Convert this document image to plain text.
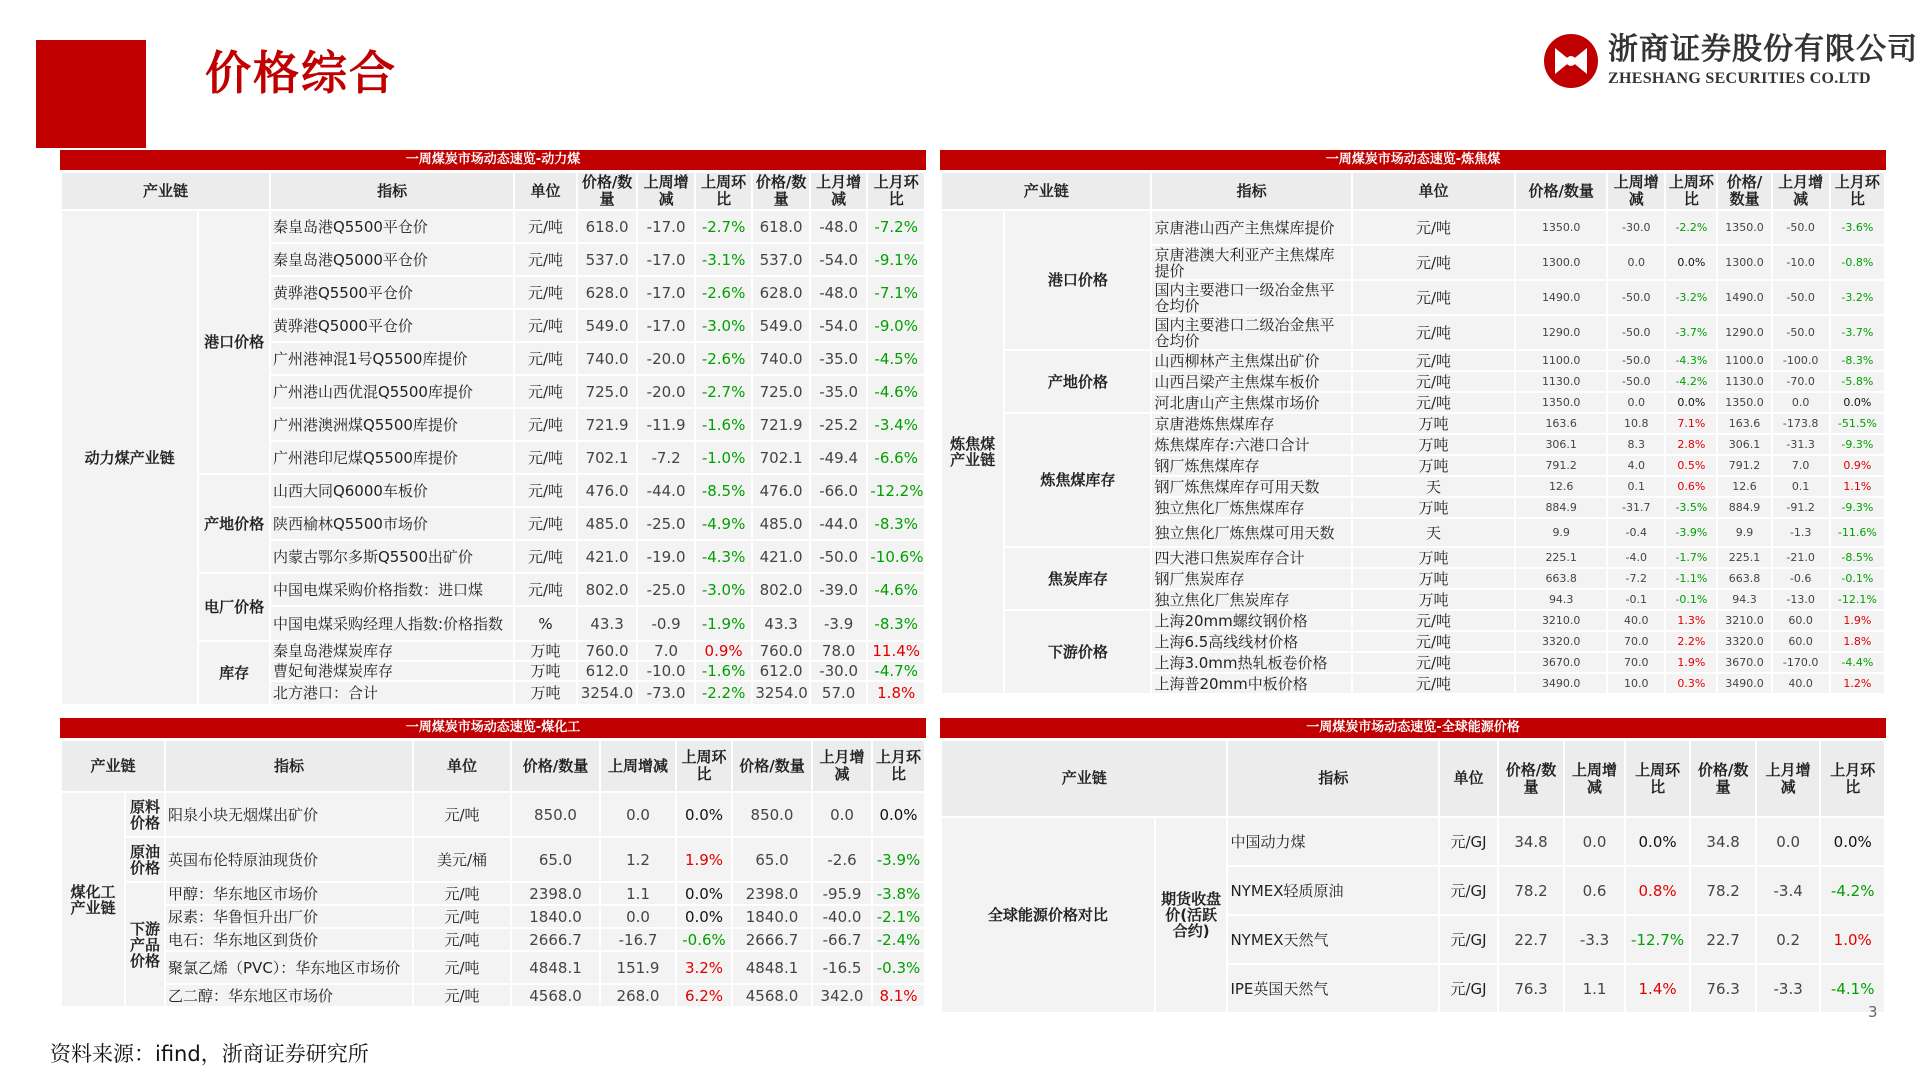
价格综合	浙商证券股份有限公司
ZHESHANG SECURITIES CO.LTD
一周煤炭市场动态速览-动力煤
产业链		指标	单位	价格/数量	上周增减	上周环比	价格/数量	上月增减	上月环比
动力煤产业链	港口价格	秦皇岛港Q5500平仓价	元/吨	618.0	-17.0	-2.7%	618.0	-48.0	-7.2%
		秦皇岛港Q5000平仓价	元/吨	537.0	-17.0	-3.1%	537.0	-54.0	-9.1%
		黄骅港Q5500平仓价	元/吨	628.0	-17.0	-2.6%	628.0	-48.0	-7.1%
		黄骅港Q5000平仓价	元/吨	549.0	-17.0	-3.0%	549.0	-54.0	-9.0%
		广州港神混1号Q5500库提价	元/吨	740.0	-20.0	-2.6%	740.0	-35.0	-4.5%
		广州港山西优混Q5500库提价	元/吨	725.0	-20.0	-2.7%	725.0	-35.0	-4.6%
		广州港澳洲煤Q5500库提价	元/吨	721.9	-11.9	-1.6%	721.9	-25.2	-3.4%
		广州港印尼煤Q5500库提价	元/吨	702.1	-7.2	-1.0%	702.1	-49.4	-6.6%
	产地价格	山西大同Q6000车板价	元/吨	476.0	-44.0	-8.5%	476.0	-66.0	-12.2%
		陕西榆林Q5500市场价	元/吨	485.0	-25.0	-4.9%	485.0	-44.0	-8.3%
		内蒙古鄂尔多斯Q5500出矿价	元/吨	421.0	-19.0	-4.3%	421.0	-50.0	-10.6%
	电厂价格	中国电煤采购价格指数：进口煤	元/吨	802.0	-25.0	-3.0%	802.0	-39.0	-4.6%
		中国电煤采购经理人指数:价格指数	%	43.3	-0.9	-1.9%	43.3	-3.9	-8.3%
	库存	秦皇岛港煤炭库存	万吨	760.0	7.0	0.9%	760.0	78.0	11.4%
		曹妃甸港煤炭库存	万吨	612.0	-10.0	-1.6%	612.0	-30.0	-4.7%
		北方港口：合计	万吨	3254.0	-73.0	-2.2%	3254.0	57.0	1.8%
一周煤炭市场动态速览-炼焦煤
产业链		指标	单位	价格/数量	上周增减	上周环比	价格/数量	上月增减	上月环比
炼焦煤产业链	港口价格	京唐港山西产主焦煤库提价	元/吨	1350.0	-30.0	-2.2%	1350.0	-50.0	-3.6%
		京唐港澳大利亚产主焦煤库提价	元/吨	1300.0	0.0	0.0%	1300.0	-10.0	-0.8%
		国内主要港口一级冶金焦平仓均价	元/吨	1490.0	-50.0	-3.2%	1490.0	-50.0	-3.2%
		国内主要港口二级冶金焦平仓均价	元/吨	1290.0	-50.0	-3.7%	1290.0	-50.0	-3.7%
	产地价格	山西柳林产主焦煤出矿价	元/吨	1100.0	-50.0	-4.3%	1100.0	-100.0	-8.3%
		山西吕梁产主焦煤车板价	元/吨	1130.0	-50.0	-4.2%	1130.0	-70.0	-5.8%
		河北唐山产主焦煤市场价	元/吨	1350.0	0.0	0.0%	1350.0	0.0	0.0%
	炼焦煤库存	京唐港炼焦煤库存	万吨	163.6	10.8	7.1%	163.6	-173.8	-51.5%
		炼焦煤库存:六港口合计	万吨	306.1	8.3	2.8%	306.1	-31.3	-9.3%
		钢厂炼焦煤库存	万吨	791.2	4.0	0.5%	791.2	7.0	0.9%
		钢厂炼焦煤库存可用天数	天	12.6	0.1	0.6%	12.6	0.1	1.1%
		独立焦化厂炼焦煤库存	万吨	884.9	-31.7	-3.5%	884.9	-91.2	-9.3%
		独立焦化厂炼焦煤可用天数	天	9.9	-0.4	-3.9%	9.9	-1.3	-11.6%
	焦炭库存	四大港口焦炭库存合计	万吨	225.1	-4.0	-1.7%	225.1	-21.0	-8.5%
		钢厂焦炭库存	万吨	663.8	-7.2	-1.1%	663.8	-0.6	-0.1%
		独立焦化厂焦炭库存	万吨	94.3	-0.1	-0.1%	94.3	-13.0	-12.1%
	下游价格	上海20mm螺纹钢价格	元/吨	3210.0	40.0	1.3%	3210.0	60.0	1.9%
		上海6.5高线线材价格	元/吨	3320.0	70.0	2.2%	3320.0	60.0	1.8%
		上海3.0mm热轧板卷价格	元/吨	3670.0	70.0	1.9%	3670.0	-170.0	-4.4%
		上海普20mm中板价格	元/吨	3490.0	10.0	0.3%	3490.0	40.0	1.2%
一周煤炭市场动态速览-煤化工
产业链		指标	单位	价格/数量	上周增减	上周环比	价格/数量	上月增减	上月环比
煤化工产业链	原料价格	阳泉小块无烟煤出矿价	元/吨	850.0	0.0	0.0%	850.0	0.0	0.0%
	原油价格	英国布伦特原油现货价	美元/桶	65.0	1.2	1.9%	65.0	-2.6	-3.9%
	下游产品价格	甲醇：华东地区市场价	元/吨	2398.0	1.1	0.0%	2398.0	-95.9	-3.8%
		尿素：华鲁恒升出厂价	元/吨	1840.0	0.0	0.0%	1840.0	-40.0	-2.1%
		电石：华东地区到货价	元/吨	2666.7	-16.7	-0.6%	2666.7	-66.7	-2.4%
		聚氯乙烯（PVC）：华东地区市场价	元/吨	4848.1	151.9	3.2%	4848.1	-16.5	-0.3%
		乙二醇：华东地区市场价	元/吨	4568.0	268.0	6.2%	4568.0	342.0	8.1%
一周煤炭市场动态速览-全球能源价格
产业链		指标	单位	价格/数量	上周增减	上周环比	价格/数量	上月增减	上月环比
全球能源价格对比	期货收盘价(活跃合约)	中国动力煤	元/GJ	34.8	0.0	0.0%	34.8	0.0	0.0%
		NYMEX轻质原油	元/GJ	78.2	0.6	0.8%	78.2	-3.4	-4.2%
		NYMEX天然气	元/GJ	22.7	-3.3	-12.7%	22.7	0.2	1.0%
		IPE英国天然气	元/GJ	76.3	1.1	1.4%	76.3	-3.3	-4.1%
资料来源：ifind，浙商证券研究所
3
